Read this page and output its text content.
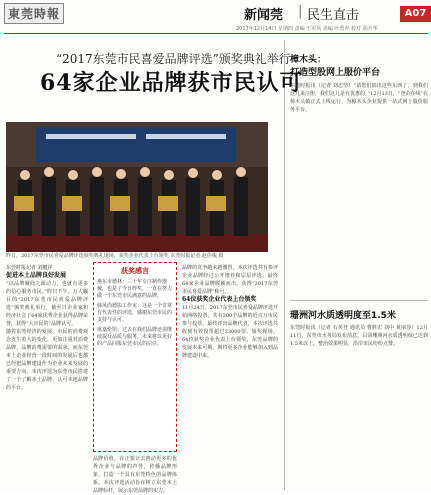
東莞時報	新闻莞 | 民生直击	A07
2017年12月14日 星期四 责编 王军凤 美编 叶勇奔 校对 胡升华
“2017东莞市民喜爱品牌评选”颁奖典礼举行
64家企业品牌获市民认可
昨日，2017东莞市民喜爱品牌评选颁奖典礼现场，获奖企业代表上台领奖 东莞时报记者 赵佳俊 摄
东莞时报记者 刘健祥
促进本土品牌良好发展
“以品牌聚商之源动力，也就有更多的信心服务市民。”昨日下午，万人瞩目的“2017东莞市民喜爱品牌评选”颁奖典礼举行，截至日企业家和经济社会了64家优秀企业获得品牌荣誉，获得“大市民的”品牌认可。
随着东莞经济的发展，市民的消费观念发生着大的变化，更加注重对消费品牌，品牌消费需要的需求。而东莞本土企业经营一段时间的发展后也都已经把品牌建设作为企业未来发展的重要方向。本次评选为东莞市民搭建了一个了解本土品牌、认可本地品牌的平台。
获奖感言

燕东市德林：三十年专注制作器械，也是了今日得奖，一直在努力做一个东莞市民满意的品牌。

韩风尚德影工作室：这是一个非常有代表性的评选，感谢东莞市民的支持与认可。

虞嘉伦馆：过去在我们品牌还需继续提升品质与服务，未来将以更好的产品回报东莞市民的信任。

品牌价值，在正要让去推动更多的优秀企业与品牌的声誉，传播品牌形象，打造一个具有东莞特色的品牌体系。本次评选活动旨在树立东莞本土品牌标杆，展示东莞品牌的实力。
品牌的竞争越来越激烈，本次评选共有参评企业品牌经过公开推荐和层层评选，最终64家企业品牌脱颖而出，获得“2017东莞市民喜爱品牌”称号。
64位获奖企业代表上台领奖
11月24日，2017东莞市民喜爱品牌评选开始网络投票，共有300个品牌的近百万市民参与投票，最终评出品牌代表，本次评选共收到有效投票超过23000票。颁奖现场，64位获奖企业代表上台领奖，东莞品牌的发展未来可期，期待更多企业能够加入到品牌建设中来。
樟木头：
打造型股网上服价平台
东莞时报讯（记者 刘志坚）“请您们搞出这些东西了，到我们这儿来注册，我们这儿是有优惠的。”12月13日，“登企在线”在樟木头镇正式上线运行，为樟木头企业提供一站式网上股价服务平台。
珊洲河水质透明度至1.5米
东莞时报讯（记者 石英登 通讯员 曹胜宏 刘中 黄丽莎）12月11日，东莞市水务局发布消息，目前珊洲河水质透明度已达到1.5米以上，整治效果明显，沿岸市民纷纷点赞。
